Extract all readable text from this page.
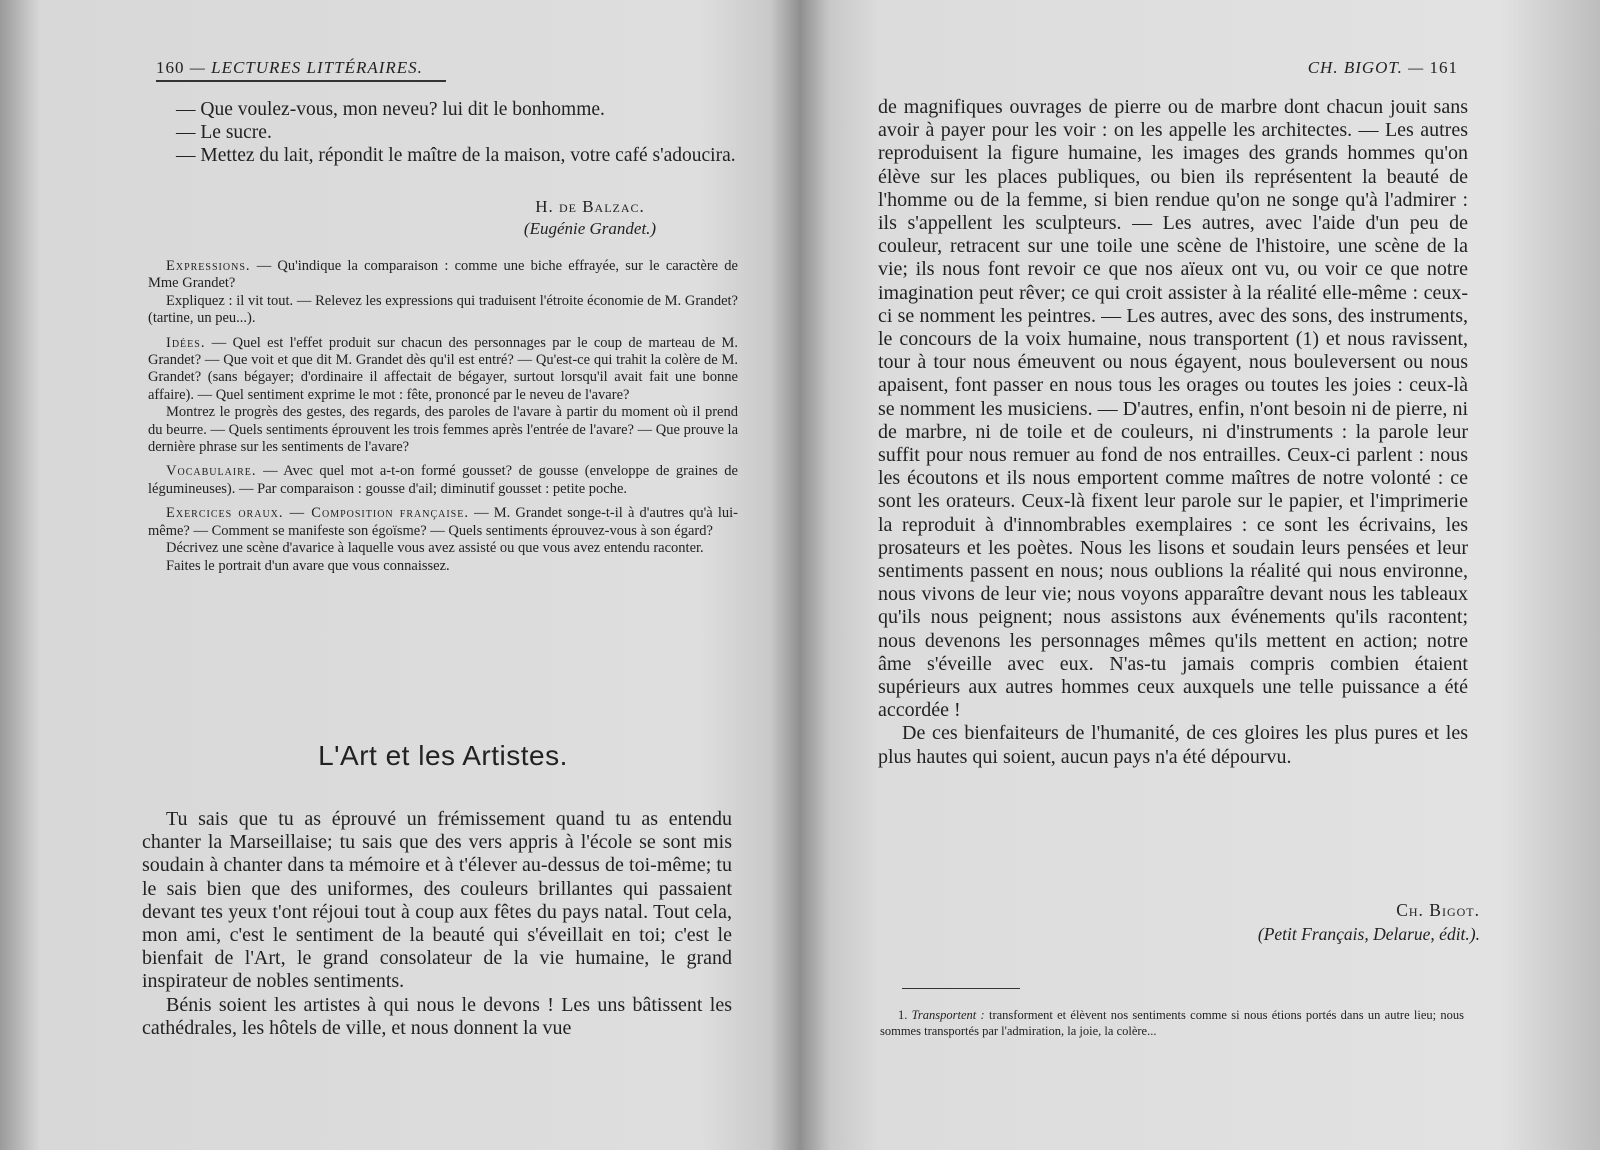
160 — LECTURES LITTÉRAIRES.

— Que voulez-vous, mon neveu? lui dit le bonhomme.

— Le sucre.

— Mettez du lait, répondit le maître de la maison, votre café s'adoucira.

H. de Balzac.
(Eugénie Grandet.)

Expressions. — Qu'indique la comparaison : comme une biche effrayée, sur le caractère de Mme Grandet?

Expliquez : il vit tout. — Relevez les expressions qui traduisent l'étroite économie de M. Grandet? (tartine, un peu...).

Idées. — Quel est l'effet produit sur chacun des personnages par le coup de marteau de M. Grandet? — Que voit et que dit M. Grandet dès qu'il est entré? — Qu'est-ce qui trahit la colère de M. Grandet? (sans bégayer; d'ordinaire il affectait de bégayer, surtout lorsqu'il avait fait une bonne affaire). — Quel sentiment exprime le mot : fête, prononcé par le neveu de l'avare?

Montrez le progrès des gestes, des regards, des paroles de l'avare à partir du moment où il prend du beurre. — Quels sentiments éprouvent les trois femmes après l'entrée de l'avare? — Que prouve la dernière phrase sur les sentiments de l'avare?

Vocabulaire. — Avec quel mot a-t-on formé gousset? de gousse (enveloppe de graines de légumineuses). — Par comparaison : gousse d'ail; diminutif gousset : petite poche.

Exercices oraux. — Composition française. — M. Grandet songe-t-il à d'autres qu'à lui-même? — Comment se manifeste son égoïsme? — Quels sentiments éprouvez-vous à son égard?

Décrivez une scène d'avarice à laquelle vous avez assisté ou que vous avez entendu raconter.

Faites le portrait d'un avare que vous connaissez.

L'Art et les Artistes.

Tu sais que tu as éprouvé un frémissement quand tu as entendu chanter la Marseillaise; tu sais que des vers appris à l'école se sont mis soudain à chanter dans ta mémoire et à t'élever au-dessus de toi-même; tu le sais bien que des uniformes, des couleurs brillantes qui passaient devant tes yeux t'ont réjoui tout à coup aux fêtes du pays natal. Tout cela, mon ami, c'est le sentiment de la beauté qui s'éveillait en toi; c'est le bienfait de l'Art, le grand consolateur de la vie humaine, le grand inspirateur de nobles sentiments.

Bénis soient les artistes à qui nous le devons ! Les uns bâtissent les cathédrales, les hôtels de ville, et nous donnent la vue

CH. BIGOT. — 161

de magnifiques ouvrages de pierre ou de marbre dont chacun jouit sans avoir à payer pour les voir : on les appelle les architectes. — Les autres reproduisent la figure humaine, les images des grands hommes qu'on élève sur les places publiques, ou bien ils représentent la beauté de l'homme ou de la femme, si bien rendue qu'on ne songe qu'à l'admirer : ils s'appellent les sculpteurs. — Les autres, avec l'aide d'un peu de couleur, retracent sur une toile une scène de l'histoire, une scène de la vie; ils nous font revoir ce que nos aïeux ont vu, ou voir ce que notre imagination peut rêver; ce qui croit assister à la réalité elle-même : ceux-ci se nomment les peintres. — Les autres, avec des sons, des instruments, le concours de la voix humaine, nous transportent (1) et nous ravissent, tour à tour nous émeuvent ou nous égayent, nous bouleversent ou nous apaisent, font passer en nous tous les orages ou toutes les joies : ceux-là se nomment les musiciens. — D'autres, enfin, n'ont besoin ni de pierre, ni de marbre, ni de toile et de couleurs, ni d'instruments : la parole leur suffit pour nous remuer au fond de nos entrailles. Ceux-ci parlent : nous les écoutons et ils nous emportent comme maîtres de notre volonté : ce sont les orateurs. Ceux-là fixent leur parole sur le papier, et l'imprimerie la reproduit à d'innombrables exemplaires : ce sont les écrivains, les prosateurs et les poètes. Nous les lisons et soudain leurs pensées et leur sentiments passent en nous; nous oublions la réalité qui nous environne, nous vivons de leur vie; nous voyons apparaître devant nous les tableaux qu'ils nous peignent; nous assistons aux événements qu'ils racontent; nous devenons les personnages mêmes qu'ils mettent en action; notre âme s'éveille avec eux. N'as-tu jamais compris combien étaient supérieurs aux autres hommes ceux auxquels une telle puissance a été accordée !

De ces bienfaiteurs de l'humanité, de ces gloires les plus pures et les plus hautes qui soient, aucun pays n'a été dépourvu.

Ch. Bigot.
(Petit Français, Delarue, édit.).
1. Transportent : transforment et élèvent nos sentiments comme si nous étions portés dans un autre lieu; nous sommes transportés par l'admiration, la joie, la colère...
